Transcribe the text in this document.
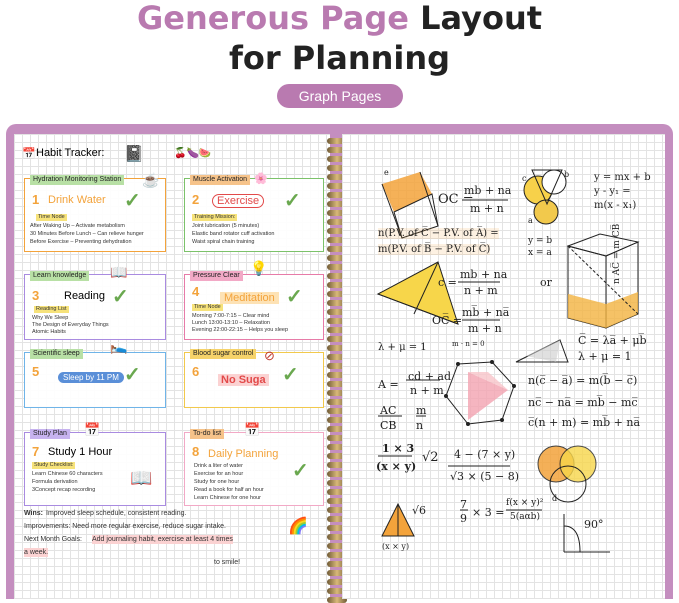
Generous Page Layout
for Planning
Graph Pages
📅 Habit Tracker: 📓	🍒🍆🍉
Hydration Monitoring Station ☕
1 Drink Water ✓
Time Node
After Waking Up – Activate metabolism
30 Minutes Before Lunch – Can relieve hunger
Before Exercise – Preventing dehydration
Muscle Activation 🌸
2	Exercise ✓
Training Mission:
Joint lubrication (5 minutes)
Elastic band rotator cuff activation
Waist spiral chain training
Learn knowledge 📖
3 Reading ✓
Reading List
Why We Sleep
The Design of Everyday Things
Atomic Habits
Pressure Clear 💡
4	Meditation ✓
Time Node
Morning 7:00-7:15 – Clear mind
Lunch 13:00-13:10 – Relaxation
Evening 22:00-22:15 – Helps you sleep
Scientific sleep 🛌
5	Sleep by 11 PM ✓
Blood sugar control ⊘
6
No Suga ✓
Study Plan 📅
7 Study 1 Hour
Study Checklist:
Learn Chinese 60 characters
Formula derivation
3Concept recap recording
📖
To-do list 📅
8 Daily Planning
Drink a liter of water
Exercise for an hour
Study for one hour
Read a book for half an hour
Learn Chinese for one hour
✓
Wins: Improved sleep schedule, consistent reading.
Improvements: Need more regular exercise, reduce sugar intake.
Next Month Goals: Add journaling habit, exercise at least 4 times
a week.
🌈
to smile!
e
OC =
mb + na
m + n
c
a
b y = mx + b
y - y₁ =
m(x - x₁)
n(P.V. of C̅ − P.V. of A̅) =
m(P.V. of B̅ − P.V. of C̅)
y = b
x = a
c =
mb + na
n + m
or
OC̅ =
mb̅ + na̅
m + n
n AC̅ = m CB̅
λ + μ = 1	m · n = 0	C̅ = λa̅ + μb̅
λ + μ = 1
A =
cd + ad
n + m
AC
CB
m
n
n(c̅ − a̅) = m(b̅ − c̅)
nc̅ − na̅ = mb̅ − mc̅
c̅(n + m) = mb̅ + na̅
1 × 3
(x × y)
√2 4 − (7 × y)
√3 × (5 − 8)
d
√6	7
9 × 3 =
f(x × y)²
5(aαb)
(x × y)
90°
